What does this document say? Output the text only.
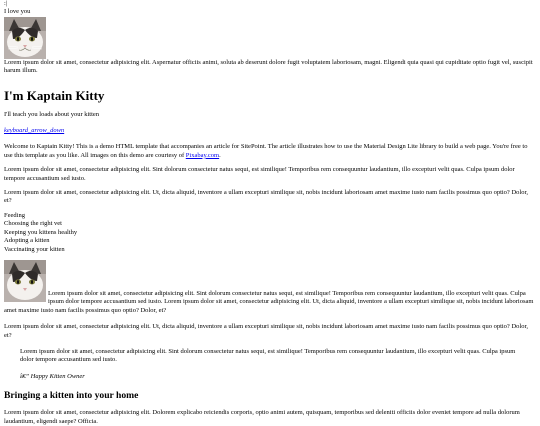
:|
I love you

Lorem ipsum dolor sit amet, consectetur adipisicing elit. Aspernatur officiis animi, soluta ab deserunt dolore fugit voluptatem laboriosam, magni. Eligendi quia quasi qui cupiditate optio fugit vel, suscipit harum illum.

I'm Kaptain Kitty

I'll teach you loads about your kitten

keyboard_arrow_down

Welcome to Kaptain Kitty! This is a demo HTML template that accompanies an article for SitePoint. The article illustrates how to use the Material Design Lite library to build a web page. You're free to use this template as you like. All images on this demo are courtesy of Pixabay.com.

Lorem ipsum dolor sit amet, consectetur adipisicing elit. Sint dolorum consectetur natus sequi, est similique! Temporibus rem consequuntur laudantium, illo excepturi velit quas. Culpa ipsum dolor tempore accusantium sed iusto.

Lorem ipsum dolor sit amet, consectetur adipisicing elit. Ut, dicta aliquid, inventore a ullam excepturi similique sit, nobis incidunt laboriosam amet maxime iusto nam facilis possimus quo optio? Dolor, et?

Feeding
Choosing the right vet
Keeping you kittens healthy
Adopting a kitten
Vaccinating your kitten

Lorem ipsum dolor sit amet, consectetur adipisicing elit. Sint dolorum consectetur natus sequi, est similique! Temporibus rem consequuntur laudantium, illo excepturi velit quas. Culpa ipsum dolor tempore accusantium sed iusto. Lorem ipsum dolor sit amet, consectetur adipisicing elit. Ut, dicta aliquid, inventore a ullam excepturi similique sit, nobis incidunt laboriosam amet maxime iusto nam facilis possimus quo optio? Dolor, et?

Lorem ipsum dolor sit amet, consectetur adipisicing elit. Ut, dicta aliquid, inventore a ullam excepturi similique sit, nobis incidunt laboriosam amet maxime iusto nam facilis possimus quo optio? Dolor, et?

Lorem ipsum dolor sit amet, consectetur adipisicing elit. Sint dolorum consectetur natus sequi, est similique! Temporibus rem consequuntur laudantium, illo excepturi velit quas. Culpa ipsum dolor tempore accusantium sed iusto.

â€” Happy Kitten Owner

Bringing a kitten into your home

Lorem ipsum dolor sit amet, consectetur adipisicing elit. Dolorem explicabo reiciendis corporis, optio animi autem, quisquam, temporibus sed deleniti officiis dolor eveniet tempore ad nulla dolorum laudantium, eligendi saepe? Officia.
